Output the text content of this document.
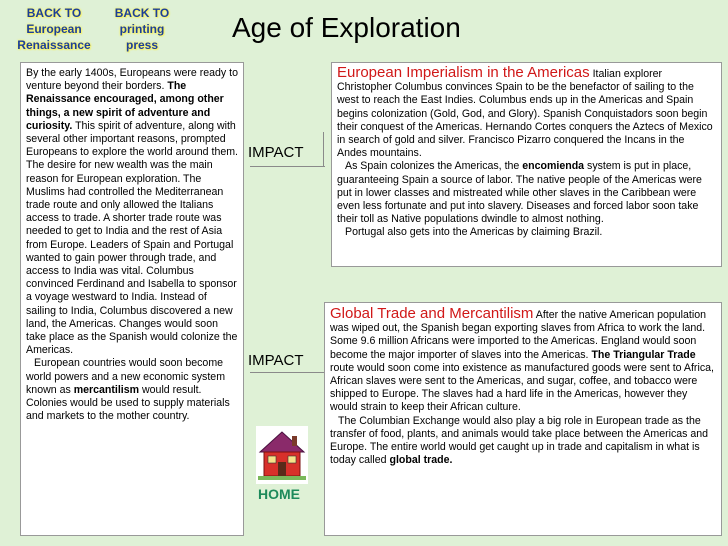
BACK TO
European
Renaissance
BACK TO
printing
press
Age of Exploration

By the early 1400s, Europeans were ready to venture beyond their borders. The Renaissance encouraged, among other things, a new spirit of adventure and curiosity. This spirit of adventure, along with several other important reasons, prompted Europeans to explore the world around them. The desire for new wealth was the main reason for European exploration. The Muslims had controlled the Mediterranean trade route and only allowed the Italians access to trade. A shorter trade route was needed to get to India and the rest of Asia from Europe. Leaders of Spain and Portugal wanted to gain power through trade, and access to India was vital. Columbus convinced Ferdinand and Isabella to sponsor a voyage westward to India. Instead of sailing to India, Columbus discovered a new land, the Americas. Changes would soon take place as the Spanish would colonize the Americas.

European countries would soon become world powers and a new economic system known as mercantilism would result. Colonies would be used to supply materials and markets to the mother country.

IMPACT
IMPACT

European Imperialism in the Americas Italian explorer Christopher Columbus convinces Spain to be the benefactor of sailing to the west to reach the East Indies. Columbus ends up in the Americas and Spain begins colonization (Gold, God, and Glory). Spanish Conquistadors soon begin their conquest of the Americas. Hernando Cortes conquers the Aztecs of Mexico in search of gold and silver. Francisco Pizarro conquered the Incans in the Andes mountains.

As Spain colonizes the Americas, the encomienda system is put in place, guaranteeing Spain a source of labor. The native people of the Americas were put in lower classes and mistreated while other slaves in the Caribbean were even less fortunate and put into slavery. Diseases and forced labor soon take their toll as Native populations dwindle to almost nothing.

Portugal also gets into the Americas by claiming Brazil.

Global Trade and Mercantilism After the native American population was wiped out, the Spanish began exporting slaves from Africa to work the land. Some 9.6 million Africans were imported to the Americas. England would soon become the major importer of slaves into the Americas. The Triangular Trade route would soon come into existence as manufactured goods were sent to Africa, African slaves were sent to the Americas, and sugar, coffee, and tobacco were shipped to Europe. The slaves had a hard life in the Americas, however they would strain to keep their African culture.

The Columbian Exchange would also play a big role in European trade as the transfer of food, plants, and animals would take place between the Americas and Europe. The entire world would get caught up in trade and capitalism in what is today called global trade.

HOME
